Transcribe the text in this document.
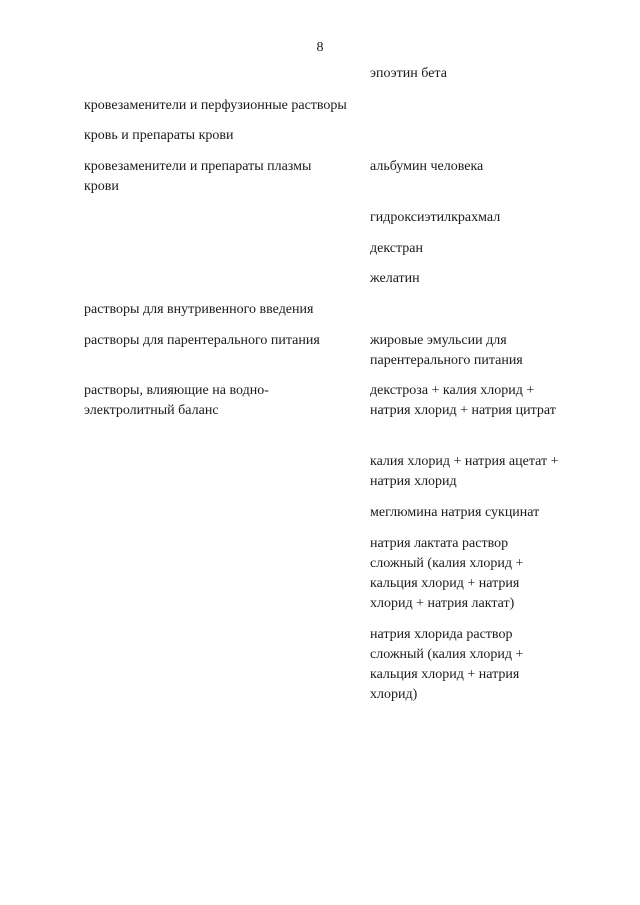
8

эпоэтин бета

кровезаменители и перфузионные растворы

кровь и препараты крови

кровезаменители и препараты плазмы крови

альбумин человека

гидроксиэтилкрахмал

декстран

желатин

растворы для внутривенного введения

растворы для парентерального питания	жировые эмульсии для парентерального питания

растворы, влияющие на водно-электролитный баланс

декстроза + калия хлорид + натрия хлорид + натрия цитрат

калия хлорид + натрия ацетат + натрия хлорид

меглюмина натрия сукцинат

натрия лактата раствор сложный (калия хлорид + кальция хлорид + натрия хлорид + натрия лактат)

натрия хлорида раствор сложный (калия хлорид + кальция хлорид + натрия хлорид)
